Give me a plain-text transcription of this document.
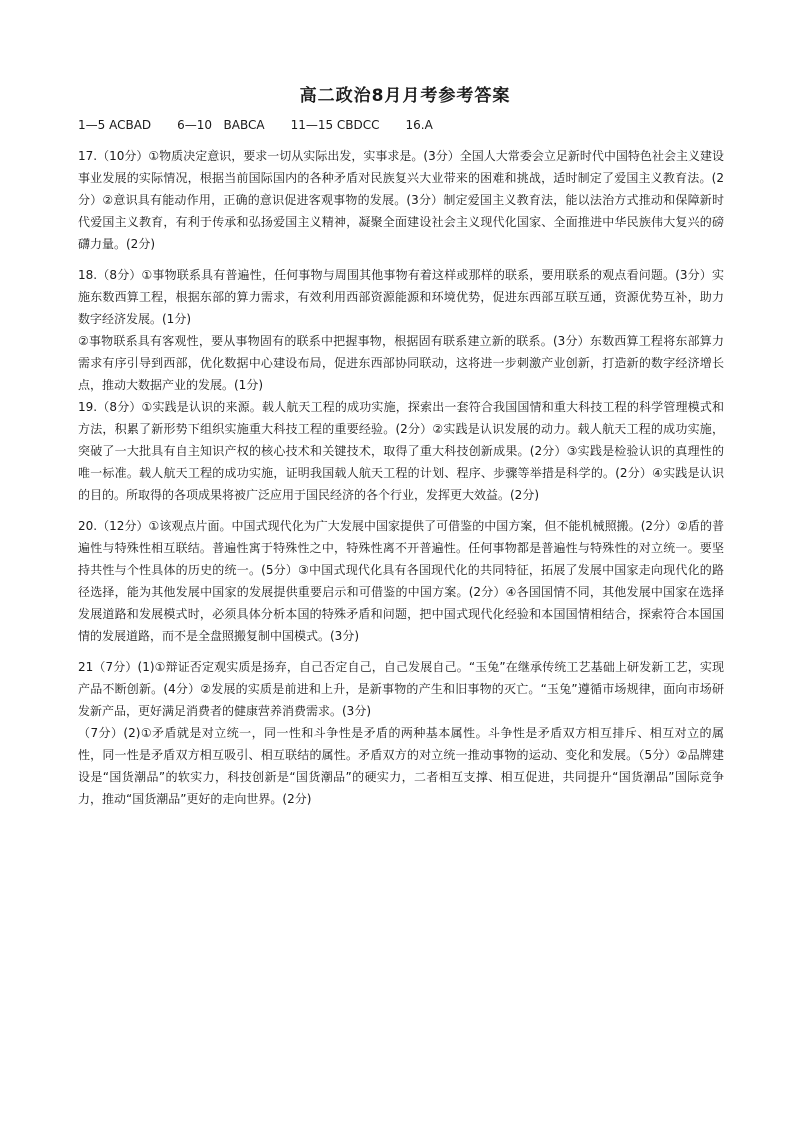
高二政治8月月考参考答案
1—5 ACBAD 6—10   BABCA 11—15 CBDCC 16.A

17.（10分）①物质决定意识，要求一切从实际出发，实事求是。(3分）全国人大常委会立足新时代中国特色社会主义建设事业发展的实际情况，根据当前国际国内的各种矛盾对民族复兴大业带来的困难和挑战，适时制定了爱国主义教育法。(2分）②意识具有能动作用，正确的意识促进客观事物的发展。(3分）制定爱国主义教育法，能以法治方式推动和保障新时代爱国主义教育，有利于传承和弘扬爱国主义精神，凝聚全面建设社会主义现代化国家、全面推进中华民族伟大复兴的磅礴力量。(2分)

18.（8分）①事物联系具有普遍性，任何事物与周围其他事物有着这样或那样的联系，要用联系的观点看问题。(3分）实施东数西算工程，根据东部的算力需求，有效利用西部资源能源和环境优势，促进东西部互联互通，资源优势互补，助力数字经济发展。(1分)

②事物联系具有客观性，要从事物固有的联系中把握事物，根据固有联系建立新的联系。(3分）东数西算工程将东部算力需求有序引导到西部，优化数据中心建设布局，促进东西部协同联动，这将进一步刺激产业创新，打造新的数字经济增长点，推动大数据产业的发展。(1分)

19.（8分）①实践是认识的来源。载人航天工程的成功实施，探索出一套符合我国国情和重大科技工程的科学管理模式和方法，积累了新形势下组织实施重大科技工程的重要经验。(2分）②实践是认识发展的动力。载人航天工程的成功实施，突破了一大批具有自主知识产权的核心技术和关键技术，取得了重大科技创新成果。(2分）③实践是检验认识的真理性的唯一标准。载人航天工程的成功实施，证明我国载人航天工程的计划、程序、步骤等举措是科学的。(2分）④实践是认识的目的。所取得的各项成果将被广泛应用于国民经济的各个行业，发挥更大效益。(2分)

20.（12分）①该观点片面。中国式现代化为广大发展中国家提供了可借鉴的中国方案，但不能机械照搬。(2分）②盾的普遍性与特殊性相互联结。普遍性寓于特殊性之中，特殊性离不开普遍性。任何事物都是普遍性与特殊性的对立统一。要坚持共性与个性具体的历史的统一。(5分）③中国式现代化具有各国现代化的共同特征，拓展了发展中国家走向现代化的路径选择，能为其他发展中国家的发展提供重要启示和可借鉴的中国方案。(2分）④各国国情不同，其他发展中国家在选择发展道路和发展模式时，必须具体分析本国的特殊矛盾和问题，把中国式现代化经验和本国国情相结合，探索符合本国国情的发展道路，而不是全盘照搬复制中国模式。(3分)

21（7分）(1)①辩证否定观实质是扬弃，自己否定自己，自己发展自己。“玉兔”在继承传统工艺基础上研发新工艺，实现产品不断创新。(4分）②发展的实质是前进和上升，是新事物的产生和旧事物的灭亡。“玉兔”遵循市场规律，面向市场研发新产品，更好满足消费者的健康营养消费需求。(3分)

（7分）(2)①矛盾就是对立统一，同一性和斗争性是矛盾的两种基本属性。斗争性是矛盾双方相互排斥、相互对立的属性，同一性是矛盾双方相互吸引、相互联结的属性。矛盾双方的对立统一推动事物的运动、变化和发展。（5分）②品牌建设是“国货潮品”的软实力，科技创新是“国货潮品”的硬实力，二者相互支撑、相互促进，共同提升“国货潮品”国际竞争力，推动“国货潮品”更好的走向世界。(2分)
